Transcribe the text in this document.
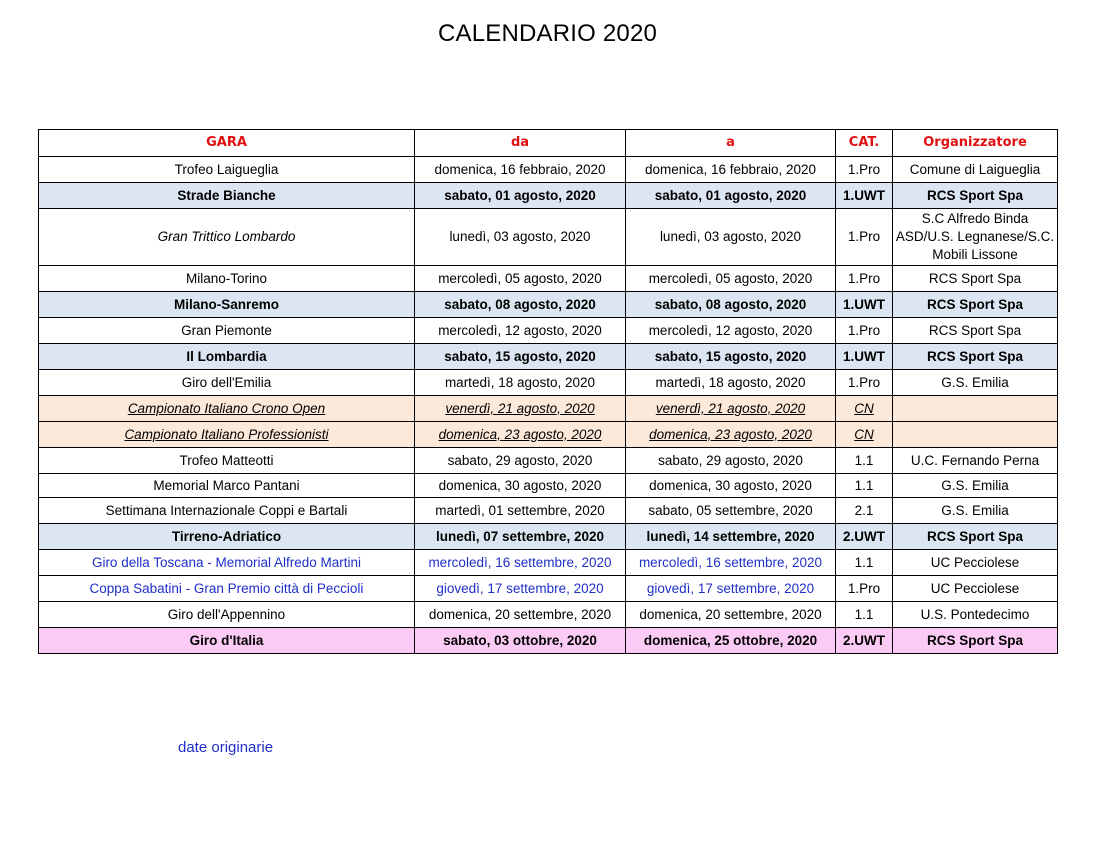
CALENDARIO 2020
GARA	da	a	CAT.	Organizzatore
Trofeo Laigueglia	domenica, 16 febbraio, 2020	domenica, 16 febbraio, 2020	1.Pro	Comune di Laigueglia
Strade Bianche	sabato, 01 agosto, 2020	sabato, 01 agosto, 2020	1.UWT	RCS Sport Spa
Gran Trittico Lombardo	lunedì, 03 agosto, 2020	lunedì, 03 agosto, 2020	1.Pro	S.C Alfredo Binda ASD/U.S. Legnanese/S.C. Mobili Lissone
Milano-Torino	mercoledì, 05 agosto, 2020	mercoledì, 05 agosto, 2020	1.Pro	RCS Sport Spa
Milano-Sanremo	sabato, 08 agosto, 2020	sabato, 08 agosto, 2020	1.UWT	RCS Sport Spa
Gran Piemonte	mercoledì, 12 agosto, 2020	mercoledì, 12 agosto, 2020	1.Pro	RCS Sport Spa
Il Lombardia	sabato, 15 agosto, 2020	sabato, 15 agosto, 2020	1.UWT	RCS Sport Spa
Giro dell'Emilia	martedì, 18 agosto, 2020	martedì, 18 agosto, 2020	1.Pro	G.S. Emilia
Campionato Italiano Crono Open	venerdì, 21 agosto, 2020	venerdì, 21 agosto, 2020	CN	
Campionato Italiano Professionisti	domenica, 23 agosto, 2020	domenica, 23 agosto, 2020	CN	
Trofeo Matteotti	sabato, 29 agosto, 2020	sabato, 29 agosto, 2020	1.1	U.C. Fernando Perna
Memorial Marco Pantani	domenica, 30 agosto, 2020	domenica, 30 agosto, 2020	1.1	G.S. Emilia
Settimana Internazionale Coppi e Bartali	martedì, 01 settembre, 2020	sabato, 05 settembre, 2020	2.1	G.S. Emilia
Tirreno-Adriatico	lunedì, 07 settembre, 2020	lunedì, 14 settembre, 2020	2.UWT	RCS Sport Spa
Giro della Toscana - Memorial Alfredo Martini	mercoledì, 16 settembre, 2020	mercoledì, 16 settembre, 2020	1.1	UC Pecciolese
Coppa Sabatini - Gran Premio città di Peccioli	giovedì, 17 settembre, 2020	giovedì, 17 settembre, 2020	1.Pro	UC Pecciolese
Giro dell'Appennino	domenica, 20 settembre, 2020	domenica, 20 settembre, 2020	1.1	U.S. Pontedecimo
Giro d'Italia	sabato, 03 ottobre, 2020	domenica, 25 ottobre, 2020	2.UWT	RCS Sport Spa
date originarie
